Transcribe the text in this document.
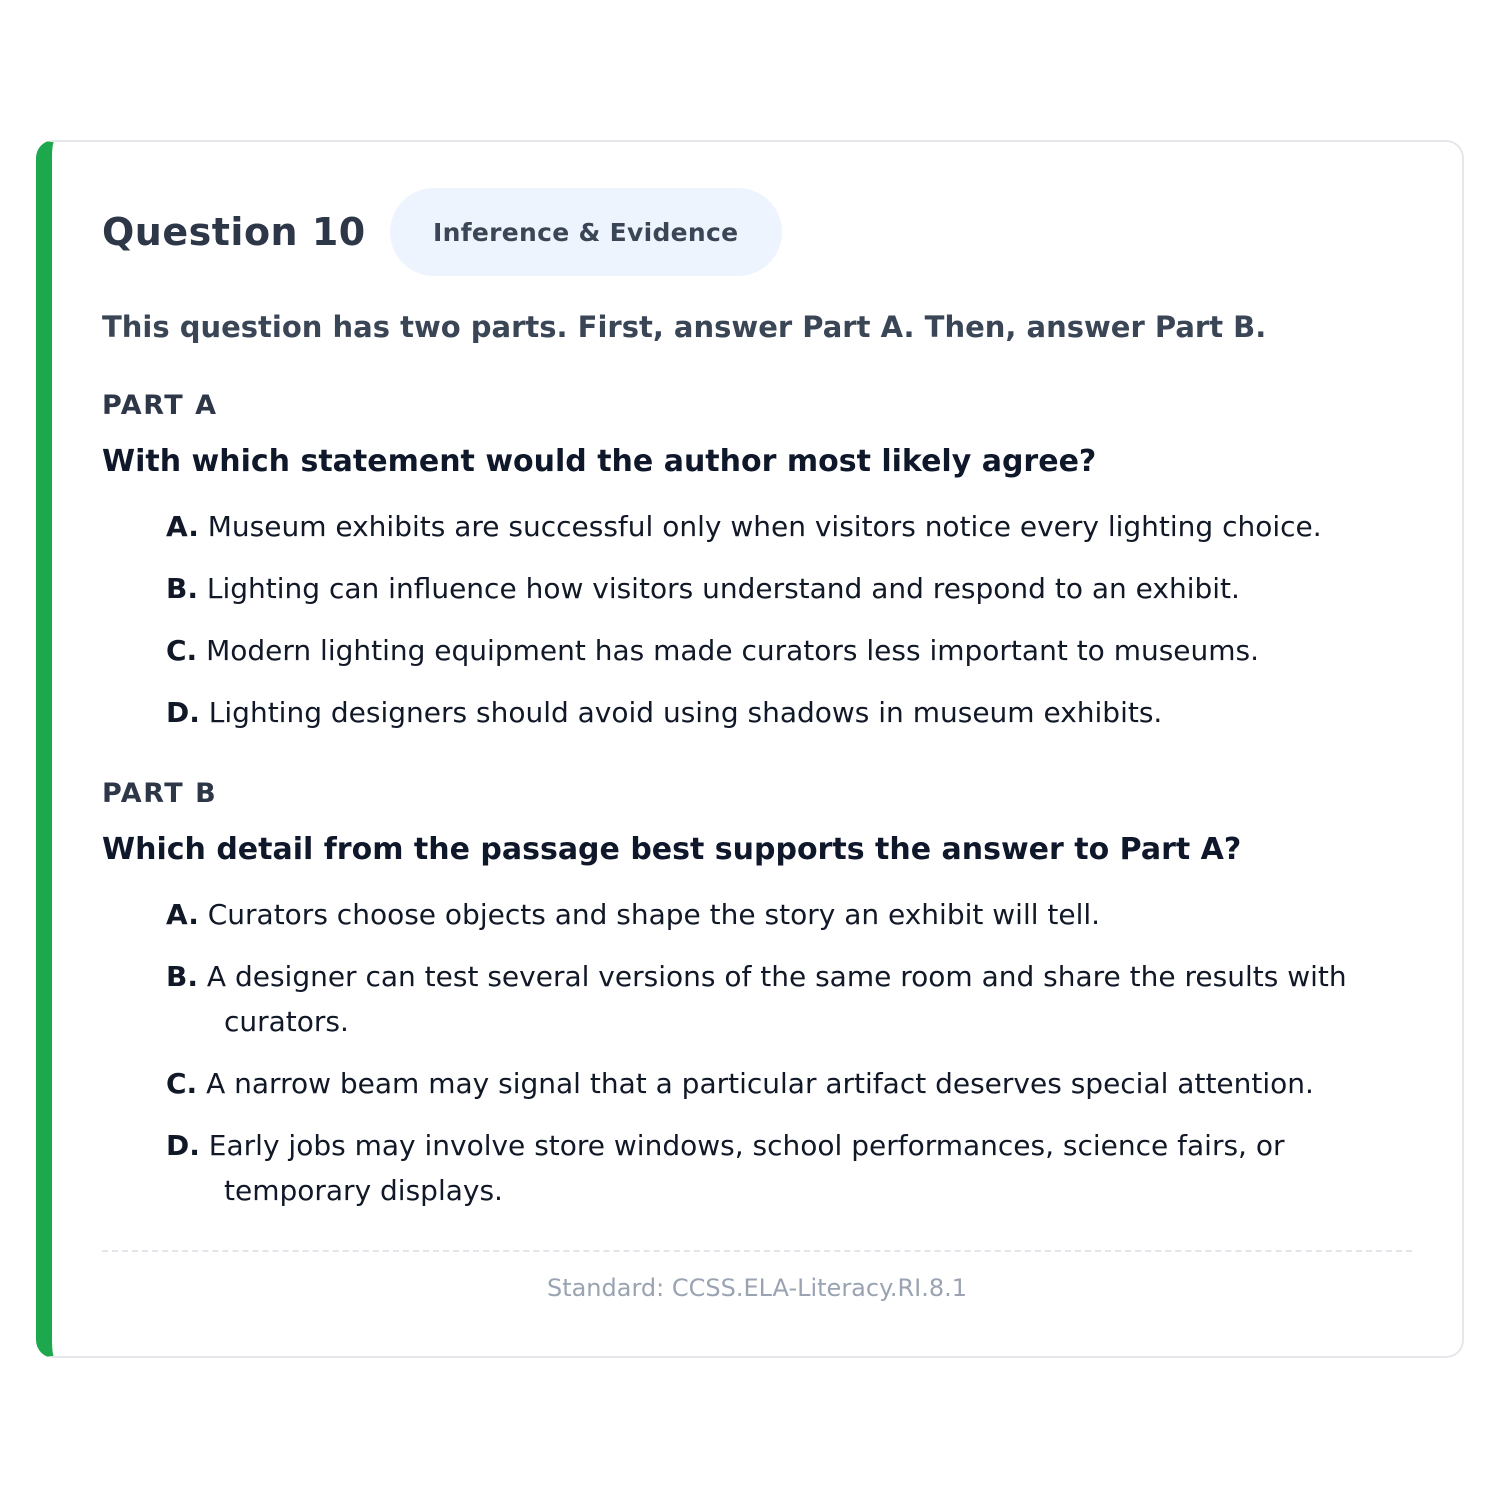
Question 10	Inference & Evidence
This question has two parts. First, answer Part A. Then, answer Part B.
PART A
With which statement would the author most likely agree?
A. Museum exhibits are successful only when visitors notice every lighting choice.
B. Lighting can influence how visitors understand and respond to an exhibit.
C. Modern lighting equipment has made curators less important to museums.
D. Lighting designers should avoid using shadows in museum exhibits.
PART B
Which detail from the passage best supports the answer to Part A?
A. Curators choose objects and shape the story an exhibit will tell.
B. A designer can test several versions of the same room and share the results with curators.
C. A narrow beam may signal that a particular artifact deserves special attention.
D. Early jobs may involve store windows, school performances, science fairs, or temporary displays.
Standard: CCSS.ELA-Literacy.RI.8.1
